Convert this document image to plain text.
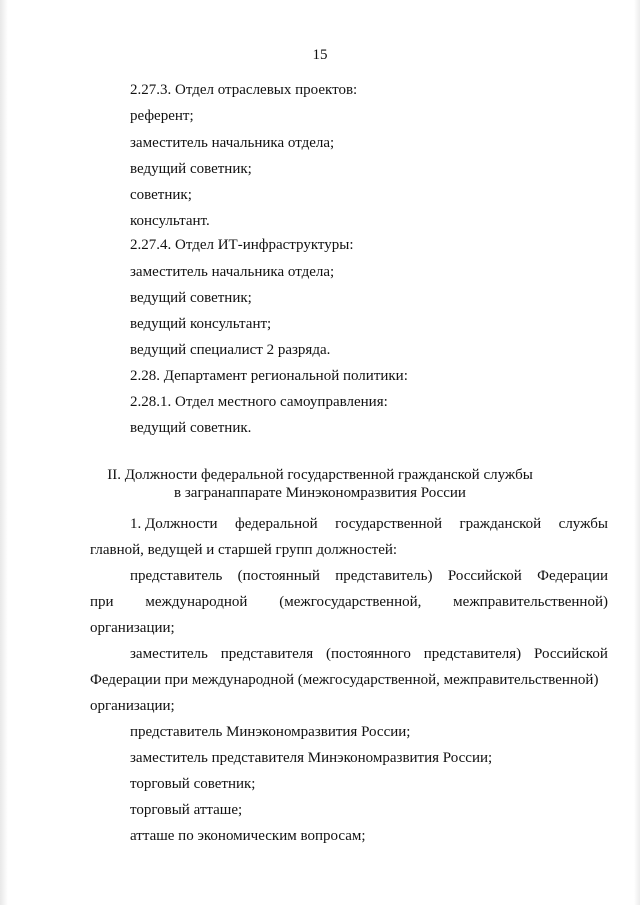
15
2.27.3. Отдел отраслевых проектов:
референт;
заместитель начальника отдела;
ведущий советник;
советник;
консультант.
2.27.4. Отдел ИТ-инфраструктуры:
заместитель начальника отдела;
ведущий советник;
ведущий консультант;
ведущий специалист 2 разряда.
2.28. Департамент региональной политики:
2.28.1. Отдел местного самоуправления:
ведущий советник.
II. Должности федеральной государственной гражданской службы
в загранаппарате Минэкономразвития России
1. Должности федеральной государственной гражданской службы
главной, ведущей и старшей групп должностей:
представитель (постоянный представитель) Российской Федерации
при международной (межгосударственной, межправительственной)
организации;
заместитель представителя (постоянного представителя) Российской
Федерации при международной (межгосударственной, межправительственной)
организации;
представитель Минэкономразвития России;
заместитель представителя Минэкономразвития России;
торговый советник;
торговый атташе;
атташе по экономическим вопросам;
